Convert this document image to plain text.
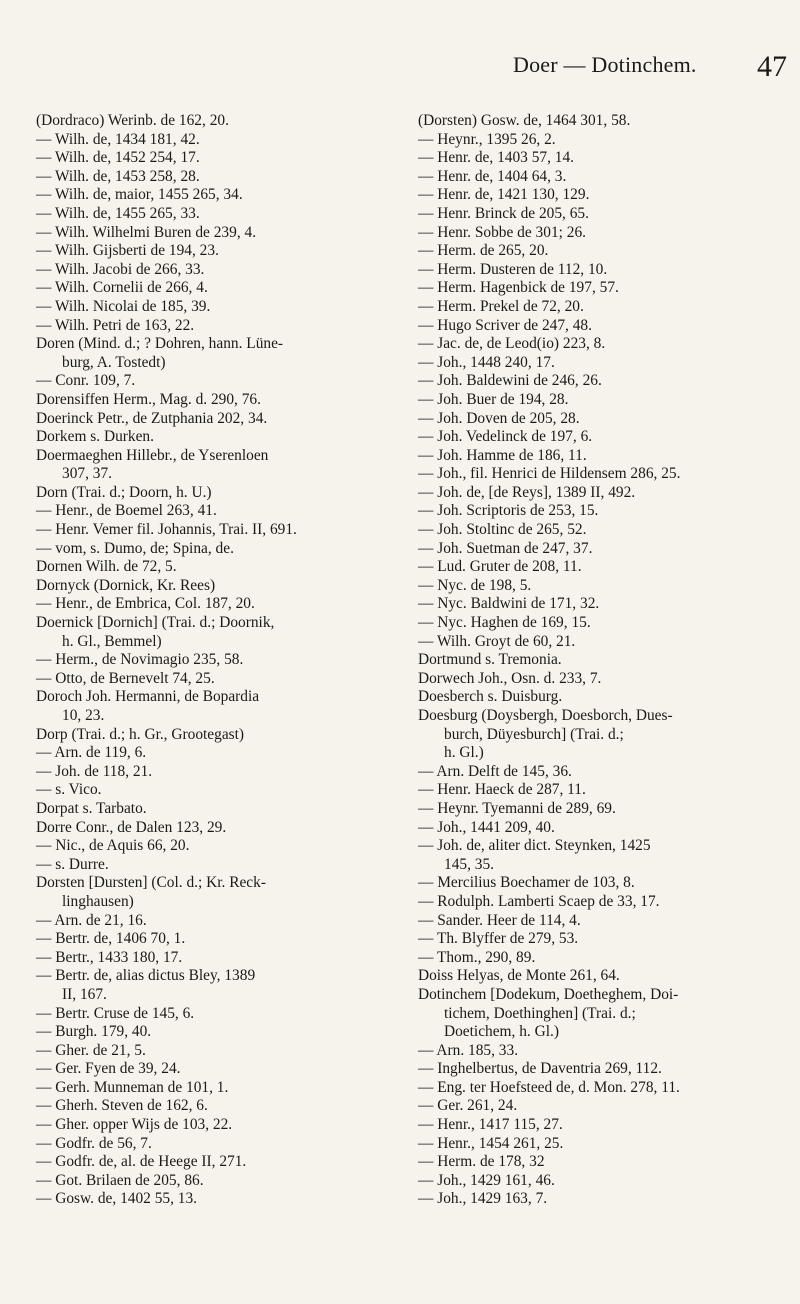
Doer — Dotinchem. 47
(Dordraco) Werinb. de 162, 20.
— Wilh. de, 1434 181, 42.
— Wilh. de, 1452 254, 17.
— Wilh. de, 1453 258, 28.
— Wilh. de, maior, 1455 265, 34.
— Wilh. de, 1455 265, 33.
— Wilh. Wilhelmi Buren de 239, 4.
— Wilh. Gijsberti de 194, 23.
— Wilh. Jacobi de 266, 33.
— Wilh. Cornelii de 266, 4.
— Wilh. Nicolai de 185, 39.
— Wilh. Petri de 163, 22.
Doren (Mind. d.; ? Dohren, hann. Lüne-
burg, A. Tostedt)
— Conr. 109, 7.
Dorensiffen Herm., Mag. d. 290, 76.
Doerinck Petr., de Zutphania 202, 34.
Dorkem s. Durken.
Doermaeghen Hillebr., de Yserenloen
307, 37.
Dorn (Trai. d.; Doorn, h. U.)
— Henr., de Boemel 263, 41.
— Henr. Vemer fil. Johannis, Trai. II, 691.
— vom, s. Dumo, de; Spina, de.
Dornen Wilh. de 72, 5.
Dornyck (Dornick, Kr. Rees)
— Henr., de Embrica, Col. 187, 20.
Doernick [Dornich] (Trai. d.; Doornik,
h. Gl., Bemmel)
— Herm., de Novimagio 235, 58.
— Otto, de Bernevelt 74, 25.
Doroch Joh. Hermanni, de Bopardia
10, 23.
Dorp (Trai. d.; h. Gr., Grootegast)
— Arn. de 119, 6.
— Joh. de 118, 21.
— s. Vico.
Dorpat s. Tarbato.
Dorre Conr., de Dalen 123, 29.
— Nic., de Aquis 66, 20.
— s. Durre.
Dorsten [Dursten] (Col. d.; Kr. Reck-
linghausen)
— Arn. de 21, 16.
— Bertr. de, 1406 70, 1.
— Bertr., 1433 180, 17.
— Bertr. de, alias dictus Bley, 1389
II, 167.
— Bertr. Cruse de 145, 6.
— Burgh. 179, 40.
— Gher. de 21, 5.
— Ger. Fyen de 39, 24.
— Gerh. Munneman de 101, 1.
— Gherh. Steven de 162, 6.
— Gher. opper Wijs de 103, 22.
— Godfr. de 56, 7.
— Godfr. de, al. de Heege II, 271.
— Got. Brilaen de 205, 86.
— Gosw. de, 1402 55, 13.
(Dorsten) Gosw. de, 1464 301, 58.
— Heynr., 1395 26, 2.
— Henr. de, 1403 57, 14.
— Henr. de, 1404 64, 3.
— Henr. de, 1421 130, 129.
— Henr. Brinck de 205, 65.
— Henr. Sobbe de 301; 26.
— Herm. de 265, 20.
— Herm. Dusteren de 112, 10.
— Herm. Hagenbick de 197, 57.
— Herm. Prekel de 72, 20.
— Hugo Scriver de 247, 48.
— Jac. de, de Leod(io) 223, 8.
— Joh., 1448 240, 17.
— Joh. Baldewini de 246, 26.
— Joh. Buer de 194, 28.
— Joh. Doven de 205, 28.
— Joh. Vedelinck de 197, 6.
— Joh. Hamme de 186, 11.
— Joh., fil. Henrici de Hildensem 286, 25.
— Joh. de, [de Reys], 1389 II, 492.
— Joh. Scriptoris de 253, 15.
— Joh. Stoltinc de 265, 52.
— Joh. Suetman de 247, 37.
— Lud. Gruter de 208, 11.
— Nyc. de 198, 5.
— Nyc. Baldwini de 171, 32.
— Nyc. Haghen de 169, 15.
— Wilh. Groyt de 60, 21.
Dortmund s. Tremonia.
Dorwech Joh., Osn. d. 233, 7.
Doesberch s. Duisburg.
Doesburg (Doysbergh, Doesborch, Dues-
burch, Düyesburch] (Trai. d.;
h. Gl.)
— Arn. Delft de 145, 36.
— Henr. Haeck de 287, 11.
— Heynr. Tyemanni de 289, 69.
— Joh., 1441 209, 40.
— Joh. de, aliter dict. Steynken, 1425
145, 35.
— Mercilius Boechamer de 103, 8.
— Rodulph. Lamberti Scaep de 33, 17.
— Sander. Heer de 114, 4.
— Th. Blyffer de 279, 53.
— Thom., 290, 89.
Doiss Helyas, de Monte 261, 64.
Dotinchem [Dodekum, Doetheghem, Doi-
tichem, Doethinghen] (Trai. d.;
Doetichem, h. Gl.)
— Arn. 185, 33.
— Inghelbertus, de Daventria 269, 112.
— Eng. ter Hoefsteed de, d. Mon. 278, 11.
— Ger. 261, 24.
— Henr., 1417 115, 27.
— Henr., 1454 261, 25.
— Herm. de 178, 32
— Joh., 1429 161, 46.
— Joh., 1429 163, 7.
